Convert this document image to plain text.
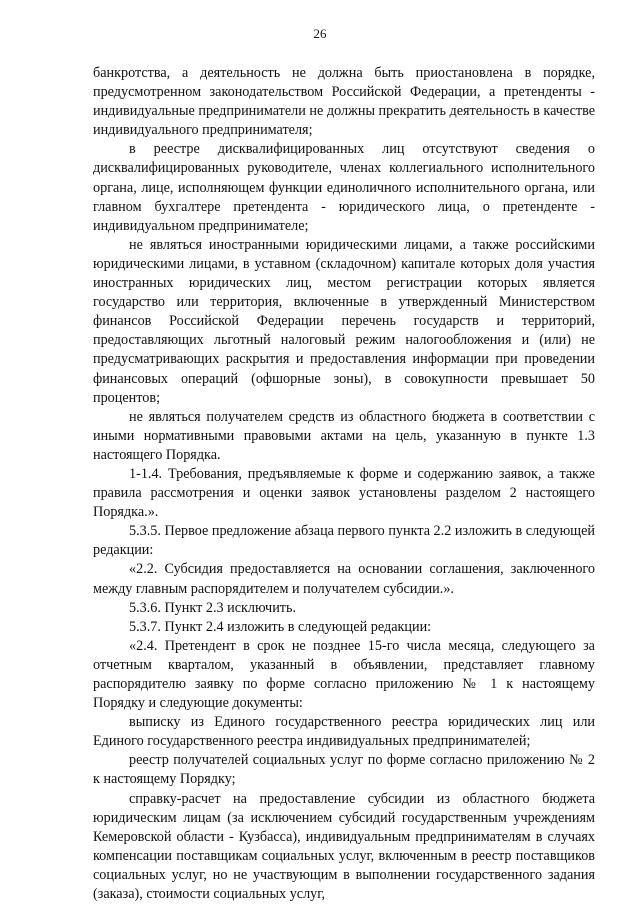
26

банкротства, а деятельность не должна быть приостановлена в порядке, предусмотренном законодательством Российской Федерации, а претенденты - индивидуальные предприниматели не должны прекратить деятельность в качестве индивидуального предпринимателя;

в реестре дисквалифицированных лиц отсутствуют сведения о дисквалифицированных руководителе, членах коллегиального исполнительного органа, лице, исполняющем функции единоличного исполнительного органа, или главном бухгалтере претендента - юридического лица, о претенденте - индивидуальном предпринимателе;

не являться иностранными юридическими лицами, а также российскими юридическими лицами, в уставном (складочном) капитале которых доля участия иностранных юридических лиц, местом регистрации которых является государство или территория, включенные в утвержденный Министерством финансов Российской Федерации перечень государств и территорий, предоставляющих льготный налоговый режим налогообложения и (или) не предусматривающих раскрытия и предоставления информации при проведении финансовых операций (офшорные зоны), в совокупности превышает 50 процентов;

не являться получателем средств из областного бюджета в соответствии с иными нормативными правовыми актами на цель, указанную в пункте 1.3 настоящего Порядка.

1-1.4. Требования, предъявляемые к форме и содержанию заявок, а также правила рассмотрения и оценки заявок установлены разделом 2 настоящего Порядка.».

5.3.5. Первое предложение абзаца первого пункта 2.2 изложить в следующей редакции:

«2.2. Субсидия предоставляется на основании соглашения, заключенного между главным распорядителем и получателем субсидии.».

5.3.6. Пункт 2.3 исключить.

5.3.7. Пункт 2.4 изложить в следующей редакции:

«2.4. Претендент в срок не позднее 15-го числа месяца, следующего за отчетным кварталом, указанный в объявлении, представляет главному распорядителю заявку по форме согласно приложению № 1 к настоящему Порядку и следующие документы:

выписку из Единого государственного реестра юридических лиц или Единого государственного реестра индивидуальных предпринимателей;

реестр получателей социальных услуг по форме согласно приложению № 2 к настоящему Порядку;

справку-расчет на предоставление субсидии из областного бюджета юридическим лицам (за исключением субсидий государственным учреждениям Кемеровской области - Кузбасса), индивидуальным предпринимателям в случаях компенсации поставщикам социальных услуг, включенным в реестр поставщиков социальных услуг, но не участвующим в выполнении государственного задания (заказа), стоимости социальных услуг,
